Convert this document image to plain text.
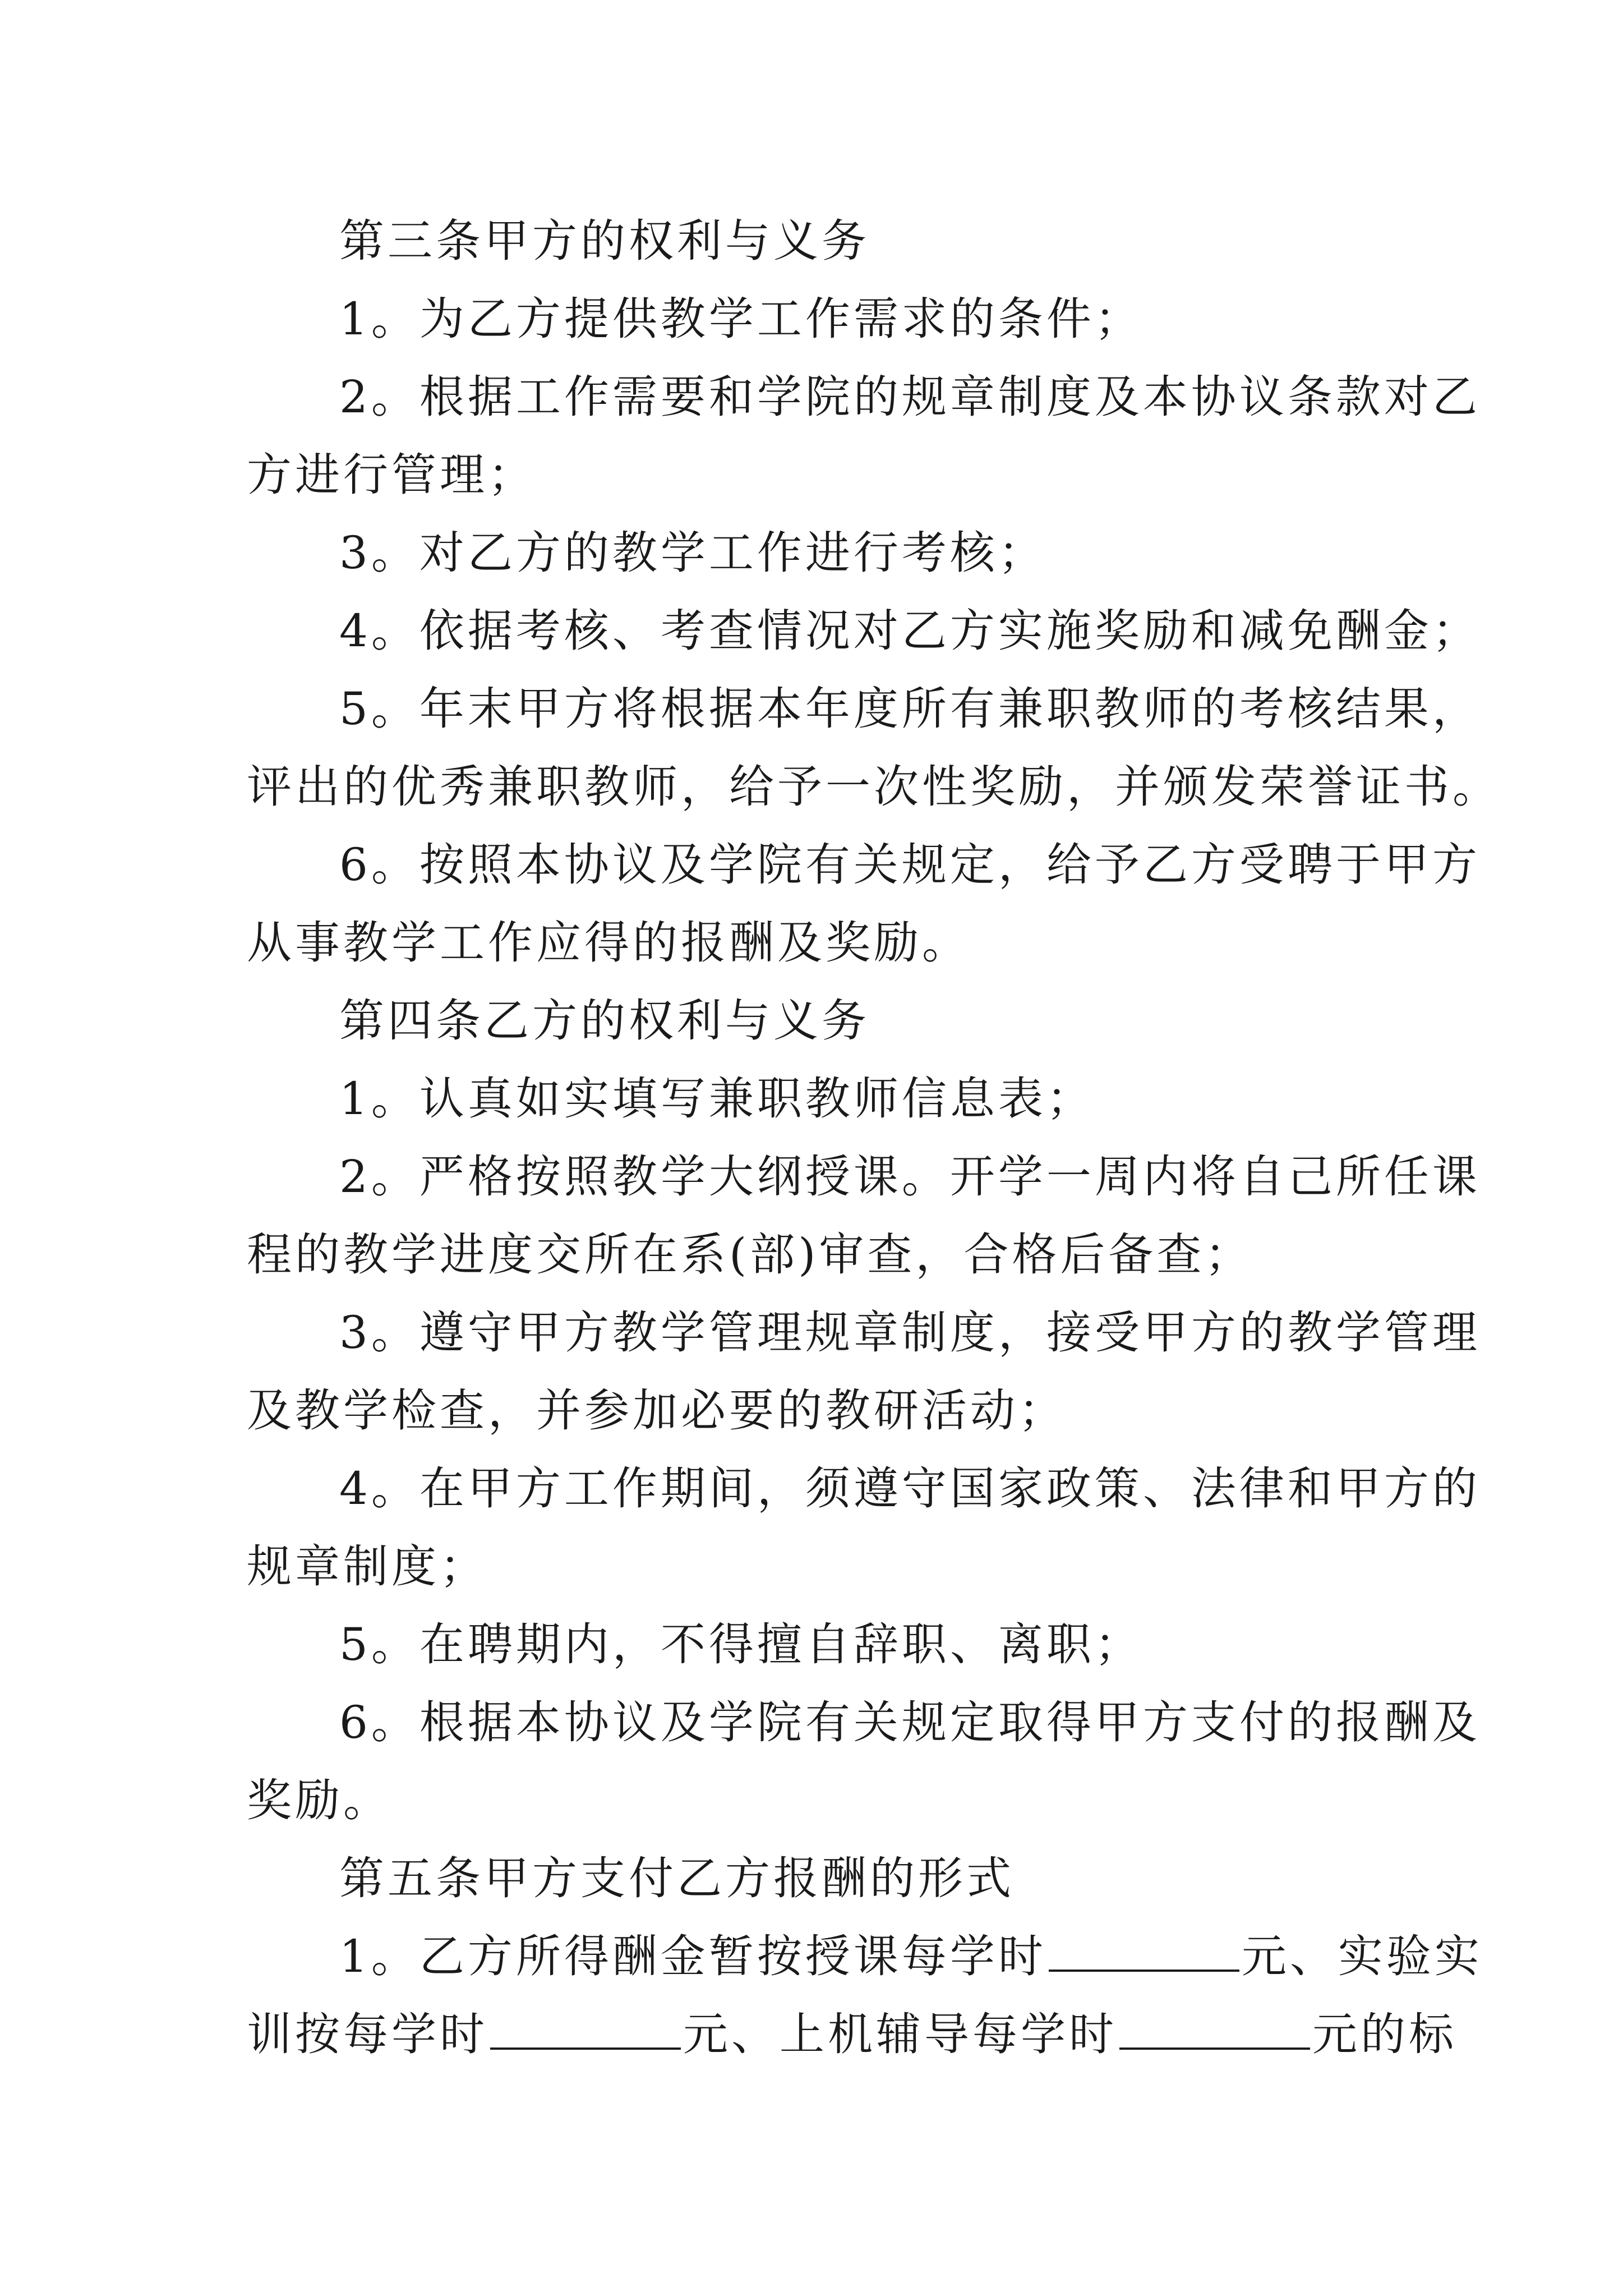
第三条甲方的权利与义务
1。为乙方提供教学工作需求的条件；
2。根据工作需要和学院的规章制度及本协议条款对乙
方进行管理；
3。对乙方的教学工作进行考核；
4。依据考核、考查情况对乙方实施奖励和减免酬金；
5。年末甲方将根据本年度所有兼职教师的考核结果，
评出的优秀兼职教师，给予一次性奖励，并颁发荣誉证书。
6。按照本协议及学院有关规定，给予乙方受聘于甲方
从事教学工作应得的报酬及奖励。
第四条乙方的权利与义务
1。认真如实填写兼职教师信息表；
2。严格按照教学大纲授课。开学一周内将自己所任课
程的教学进度交所在系(部)审查，合格后备查；
3。遵守甲方教学管理规章制度，接受甲方的教学管理
及教学检查，并参加必要的教研活动；
4。在甲方工作期间，须遵守国家政策、法律和甲方的
规章制度；
5。在聘期内，不得擅自辞职、离职；
6。根据本协议及学院有关规定取得甲方支付的报酬及
奖励。
第五条甲方支付乙方报酬的形式
1。乙方所得酬金暂按授课每学时	元、实验实
训按每学时	元、上机辅导每学时	元的标
